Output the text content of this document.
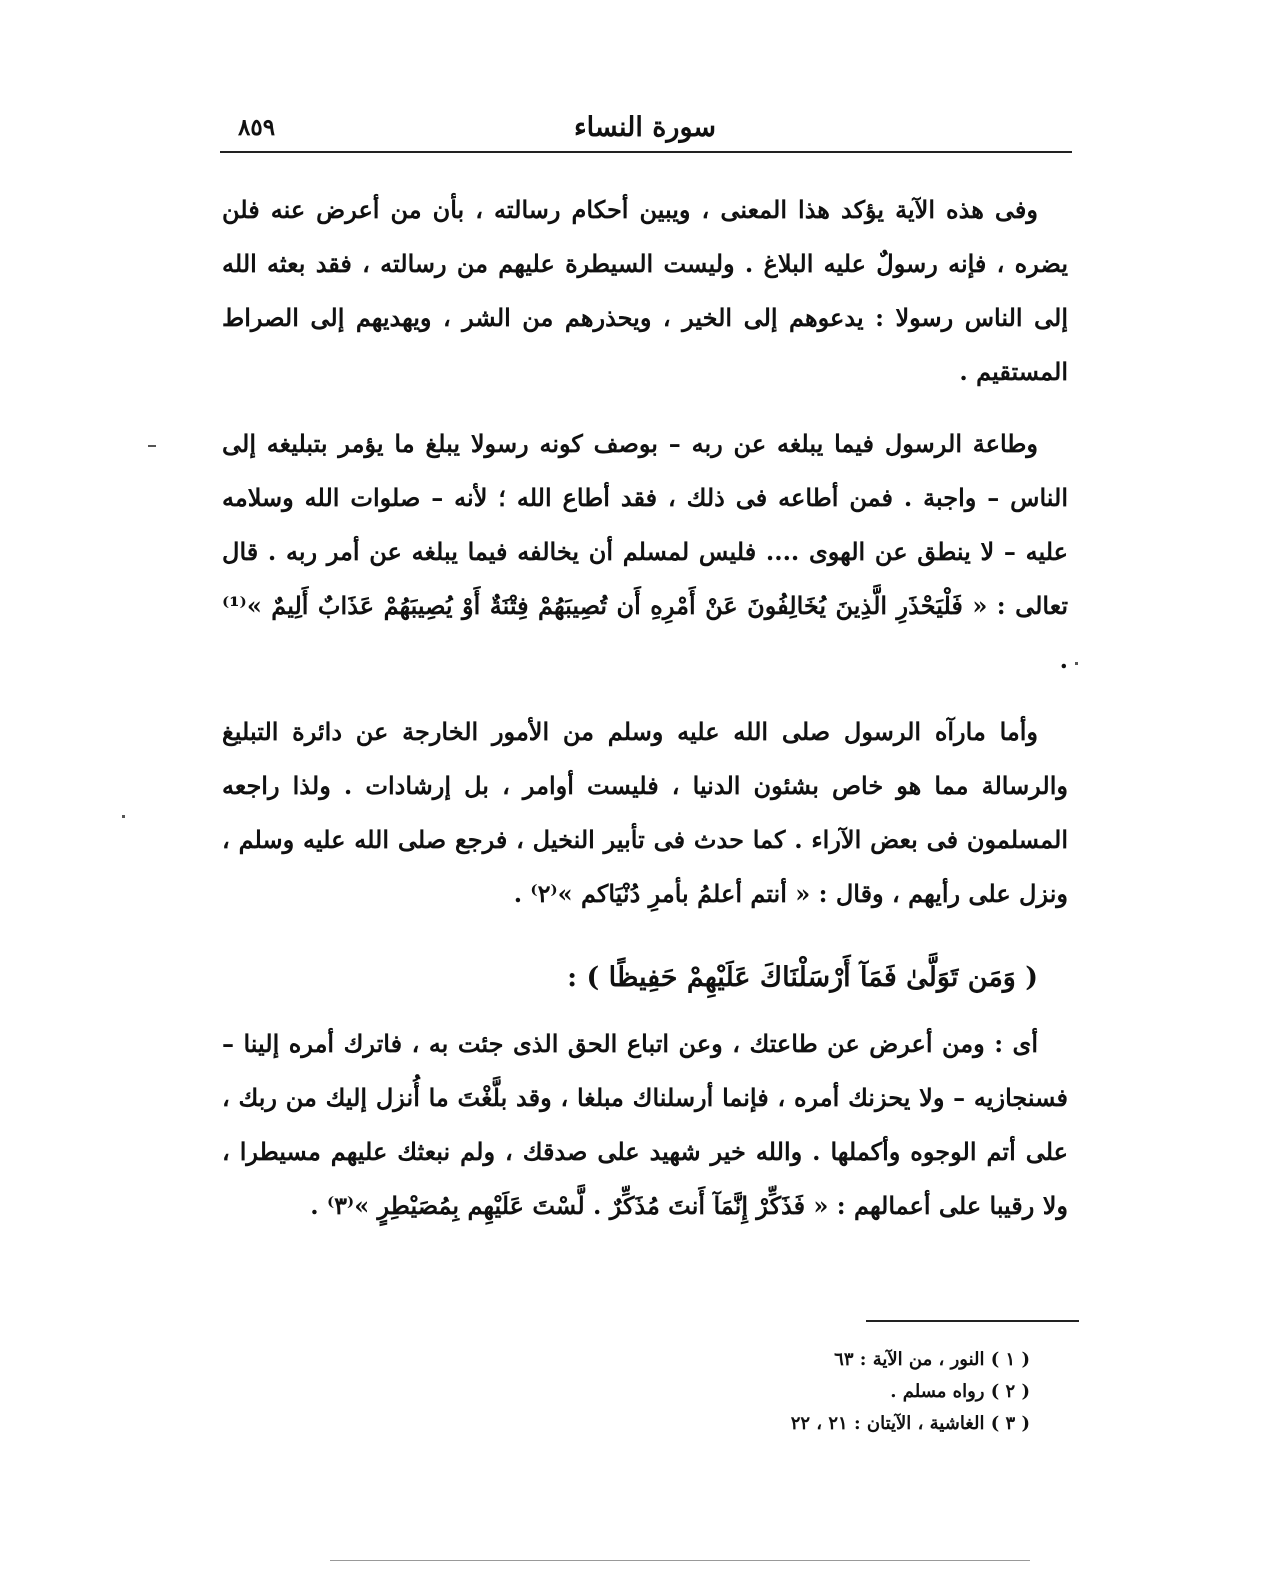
سورة النساء
٨٥٩

وفى هذه الآية يؤكد هذا المعنى ، ويبين أحكام رسالته ، بأن من أعرض عنه فلن يضره ، فإنه رسولٌ عليه البلاغ . وليست السيطرة عليهم من رسالته ، فقد بعثه الله إلى الناس رسولا : يدعوهم إلى الخير ، ويحذرهم من الشر ، ويهديهم إلى الصراط المستقيم .

وطاعة الرسول فيما يبلغه عن ربه – بوصف كونه رسولا يبلغ ما يؤمر بتبليغه إلى الناس – واجبة . فمن أطاعه فى ذلك ، فقد أطاع الله ؛ لأنه – صلوات الله وسلامه عليه – لا ينطق عن الهوى .... فليس لمسلم أن يخالفه فيما يبلغه عن أمر ربه . قال تعالى : « فَلْيَحْذَرِ الَّذِينَ يُخَالِفُونَ عَنْ أَمْرِهِ أَن تُصِيبَهُمْ فِتْنَةٌ أَوْ يُصِيبَهُمْ عَذَابٌ أَلِيمٌ »⁽¹⁾ .

وأما مارآه الرسول صلى الله عليه وسلم من الأمور الخارجة عن دائرة التبليغ والرسالة مما هو خاص بشئون الدنيا ، فليست أوامر ، بل إرشادات . ولذا راجعه المسلمون فى بعض الآراء . كما حدث فى تأبير النخيل ، فرجع صلى الله عليه وسلم ، ونزل على رأيهم ، وقال : « أنتم أعلمُ بأمرِ دُنْيَاكم »⁽٢⁾ .

( وَمَن تَوَلَّىٰ فَمَآ أَرْسَلْنَاكَ عَلَيْهِمْ حَفِيظًا ) :

أى : ومن أعرض عن طاعتك ، وعن اتباع الحق الذى جئت به ، فاترك أمره إلينا – فسنجازيه – ولا يحزنك أمره ، فإنما أرسلناك مبلغا ، وقد بلَّغْتَ ما أُنزل إليك من ربك ، على أتم الوجوه وأكملها . والله خير شهيد على صدقك ، ولم نبعثك عليهم مسيطرا ، ولا رقيبا على أعمالهم : « فَذَكِّرْ إِنَّمَآ أَنتَ مُذَكِّرٌ . لَّسْتَ عَلَيْهِم بِمُصَيْطِرٍ »⁽٣⁾ .

( ١ ) النور ، من الآية : ٦٣

( ٢ ) رواه مسلم .

( ٣ ) الغاشية ، الآيتان : ٢١ ، ٢٢
